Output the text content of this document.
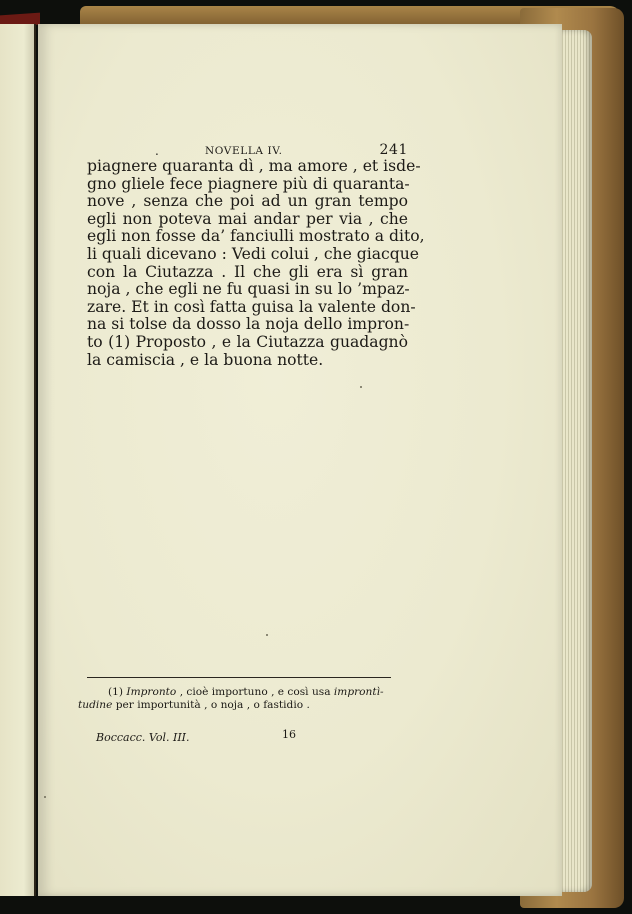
.	NOVELLA IV.	241
piagnere quaranta dì , ma amore , et isde-
gno gliele fece piagnere più di quaranta-
nove , senza che poi ad un gran tempo
egli non poteva mai andar per via , che
egli non fosse da’ fanciulli mostrato a dito,
li quali dicevano : Vedi colui , che giacque
con la Ciutazza . Il che gli era sì gran
noja , che egli ne fu quasi in su lo ’mpaz-
zare. Et in così fatta guisa la valente don-
na si tolse da dosso la noja dello impron-
to (1) Proposto , e la Ciutazza guadagnò
la camiscia , e la buona notte.
(1) Impronto , cioè importuno , e così usa improntì-
tudine per importunità , o noja , o fastidio .
Boccacc. Vol. III.	16
